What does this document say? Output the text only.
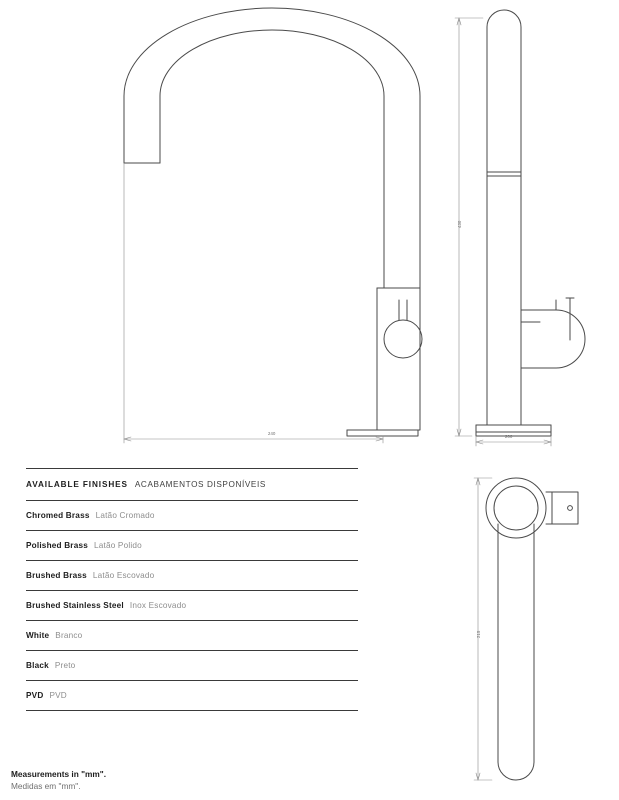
240
430
200
215
AVAILABLE FINISHES ACABAMENTOS DISPONÍVEIS
Chromed Brass Latão Cromado
Polished Brass Latão Polido
Brushed Brass Latão Escovado
Brushed Stainless Steel Inox Escovado
White Branco
Black Preto
PVD PVD
Measurements in "mm".
Medidas em "mm".
